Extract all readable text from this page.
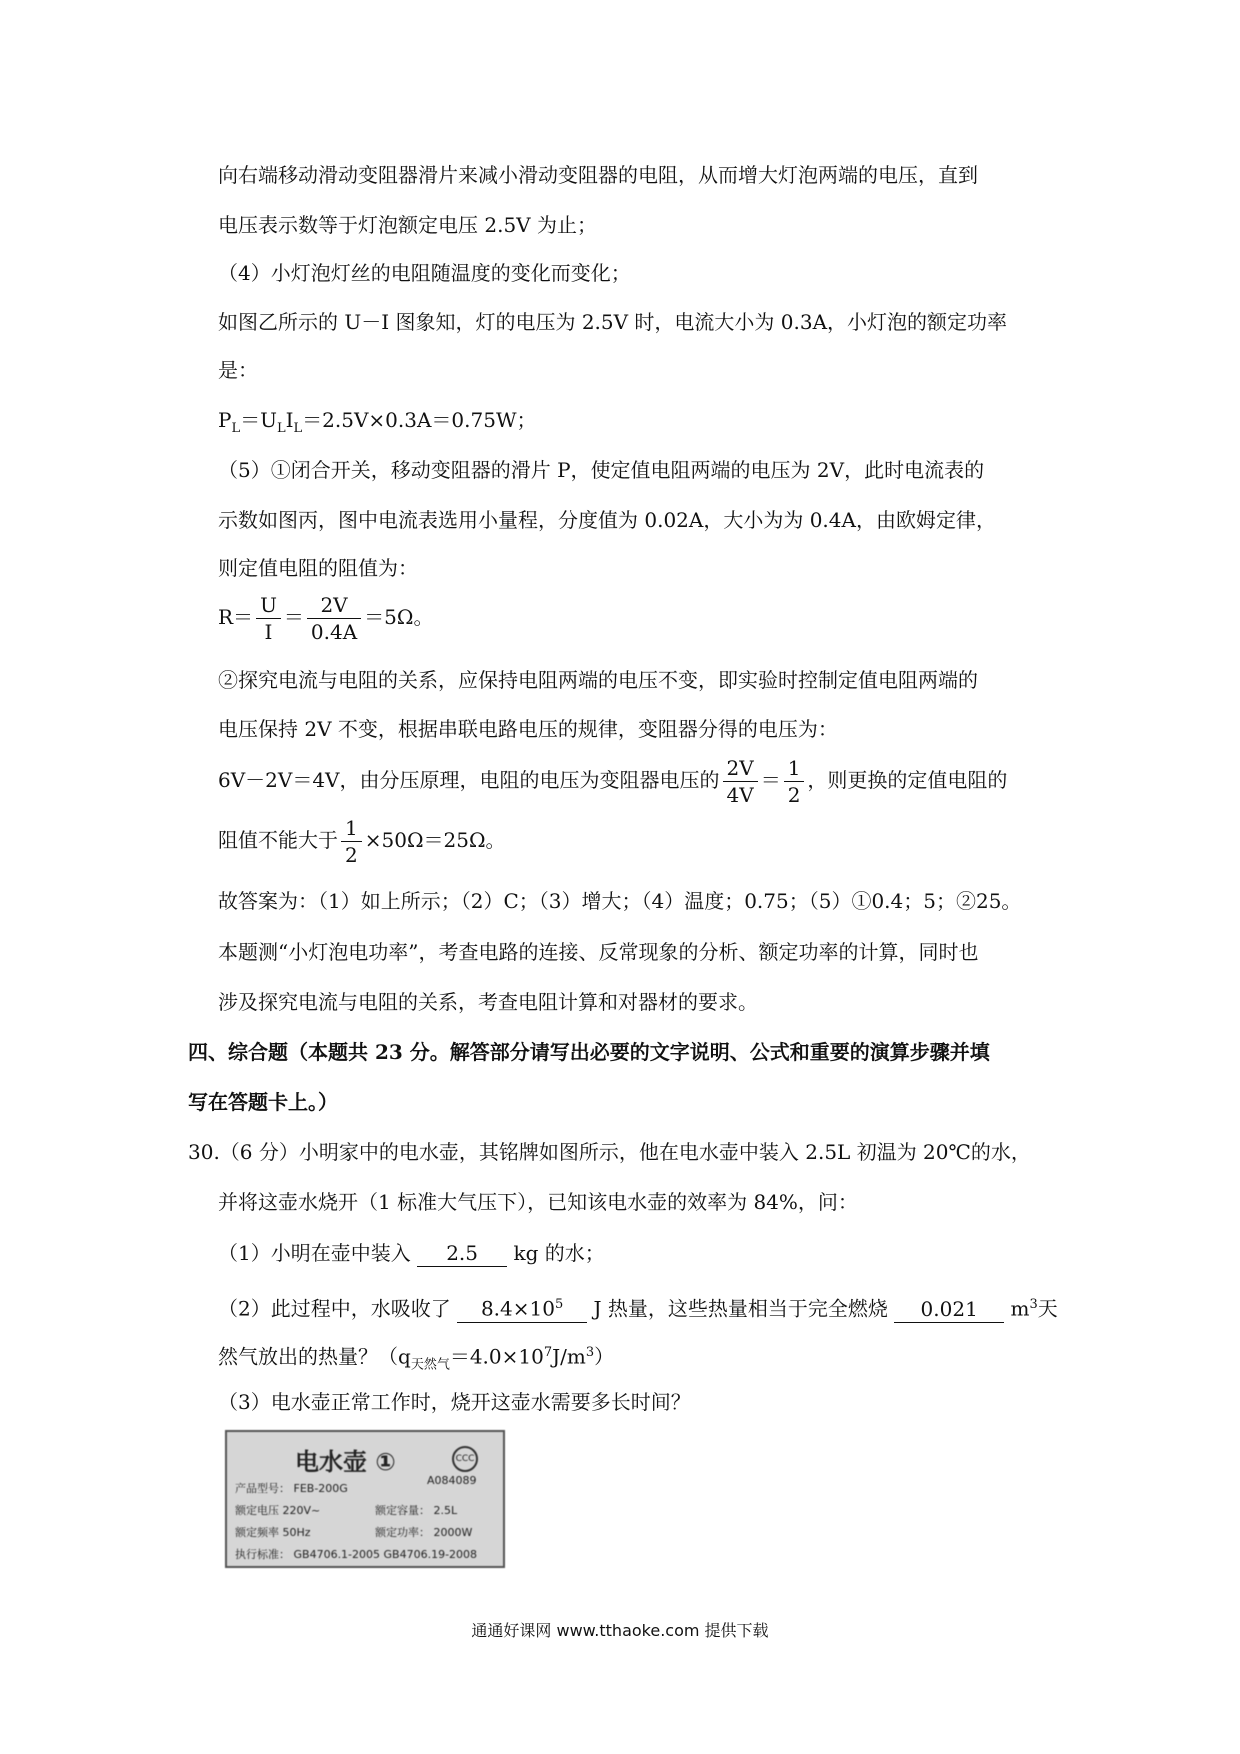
向右端移动滑动变阻器滑片来减小滑动变阻器的电阻，从而增大灯泡两端的电压，直到
电压表示数等于灯泡额定电压 2.5V 为止；
（4）小灯泡灯丝的电阻随温度的变化而变化；
如图乙所示的 U－I 图象知，灯的电压为 2.5V 时，电流大小为 0.3A，小灯泡的额定功率
是：
$P_L=U_LI_L=2.5V\times 0.3A=0.75W$；
（5）①闭合开关，移动变阻器的滑片 P，使定值电阻两端的电压为 2V，此时电流表的
示数如图丙，图中电流表选用小量程，分度值为 0.02A，大小为为 0.4A，由欧姆定律，
则定值电阻的阻值为：
$R= \frac{U}{I} = \frac{2V}{0.4A} =5\Omega$。
②探究电流与电阻的关系，应保持电阻两端的电压不变，即实验时控制定值电阻两端的
电压保持 2V 不变，根据串联电路电压的规律，变阻器分得的电压为：
6V－2V＝4V，由分压原理，电阻的电压为变阻器电压的 $\frac{2V}{4V} = \frac{1}{2}$ ，则更换的定值电阻的
阻值不能大于 $\frac{1}{2} \times 50\Omega=25\Omega$。
故答案为：（1）如上所示；（2）C；（3）增大；（4）温度；0.75；（5）①0.4；5；②25。
本题测“小灯泡电功率”，考查电路的连接、反常现象的分析、额定功率的计算，同时也
涉及探究电流与电阻的关系，考查电阻计算和对器材的要求。
四、综合题（本题共 23 分。解答部分请写出必要的文字说明、公式和重要的演算步骤并填
写在答题卡上。）
30.（6 分）小明家中的电水壶，其铭牌如图所示，他在电水壶中装入 2.5L 初温为 20℃的水，
并将这壶水烧开（1 标准大气压下），已知该电水壶的效率为 84%，问：
（1）小明在壶中装入 2.5 kg 的水；
（2）此过程中，水吸收了 $8.4\times 10^5$ J 热量，这些热量相当于完全燃烧 0.021 $m^3$天
然气放出的热量？$(q_{天然气}=4.0\times 10^7J/m^3)$
（3）电水壶正常工作时，烧开这壶水需要多长时间？
电水壶 ①	CCC
A084089
产品型号： FEB-200G
额定电压 220V~	额定容量： 2.5L
额定频率 50Hz	额定功率： 2000W
执行标准： GB4706.1-2005 GB4706.19-2008
通通好课网 www.tthaoke.com 提供下载
